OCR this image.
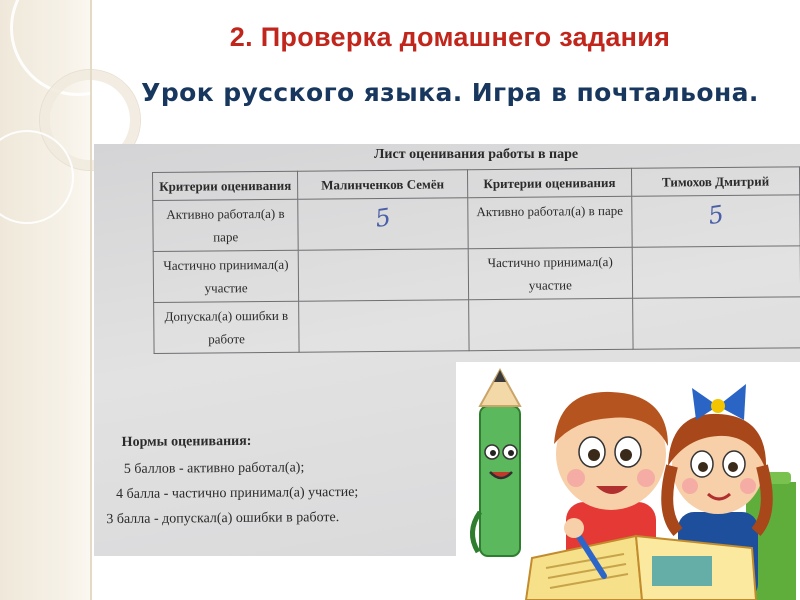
2. Проверка домашнего задания
Урок русского языка. Игра в почтальона.
Лист оценивания работы в паре
Критерии оценивания	Малинченков Семён	Критерии оценивания	Тимохов Дмитрий
Активно работал(а) в паре	5	Активно работал(а) в паре	5
Частично принимал(а) участие		Частично принимал(а) участие	
Допускал(а) ошибки в работе			
Нормы оценивания:
5 баллов - активно работал(а);
4 балла - частично принимал(а) участие;
3 балла - допускал(а) ошибки в работе.
